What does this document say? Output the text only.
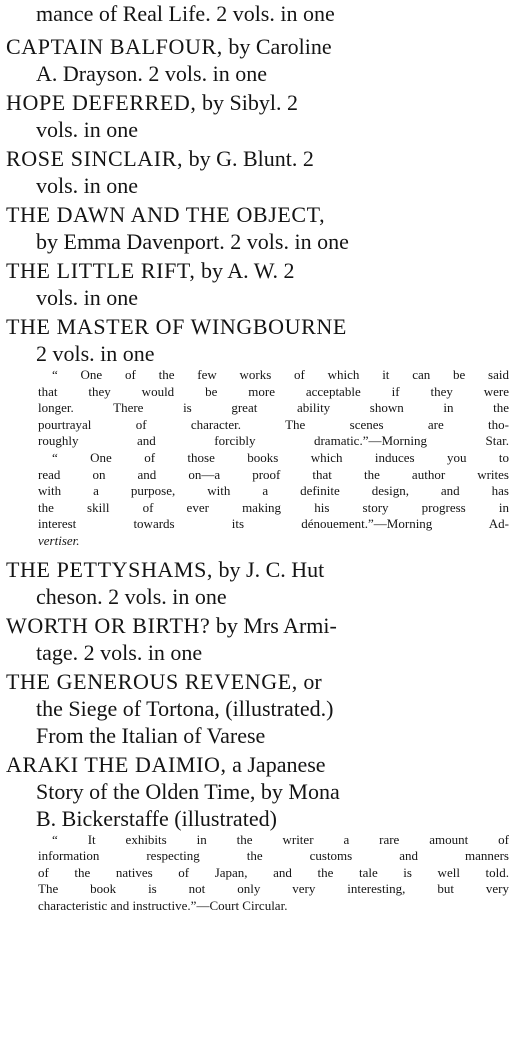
mance of Real Life. 2 vols. in one
CAPTAIN BALFOUR, by Caroline
A. Drayson. 2 vols. in one
HOPE DEFERRED, by Sibyl. 2
vols. in one
ROSE SINCLAIR, by G. Blunt. 2
vols. in one
THE DAWN AND THE OBJECT,
by Emma Davenport. 2 vols. in one
THE LITTLE RIFT, by A. W. 2
vols. in one
THE MASTER OF WINGBOURNE
2 vols. in one
“ One of the few works of which it can be said
that they would be more acceptable if they were
longer. There is great ability shown in the
pourtrayal of character. The scenes are tho-
roughly and forcibly dramatic.”—Morning Star.
“ One of those books which induces you to
read on and on—a proof that the author writes
with a purpose, with a definite design, and has
the skill of ever making his story progress in
interest towards its dénouement.”—Morning Ad-
vertiser.
THE PETTYSHAMS, by J. C. Hut
cheson. 2 vols. in one
WORTH OR BIRTH? by Mrs Armi-
tage. 2 vols. in one
THE GENEROUS REVENGE, or
the Siege of Tortona, (illustrated.)
From the Italian of Varese
ARAKI THE DAIMIO, a Japanese
Story of the Olden Time, by Mona
B. Bickerstaffe (illustrated)
“ It exhibits in the writer a rare amount of
information respecting the customs and manners
of the natives of Japan, and the tale is well told.
The book is not only very interesting, but very
characteristic and instructive.”—Court Circular.
